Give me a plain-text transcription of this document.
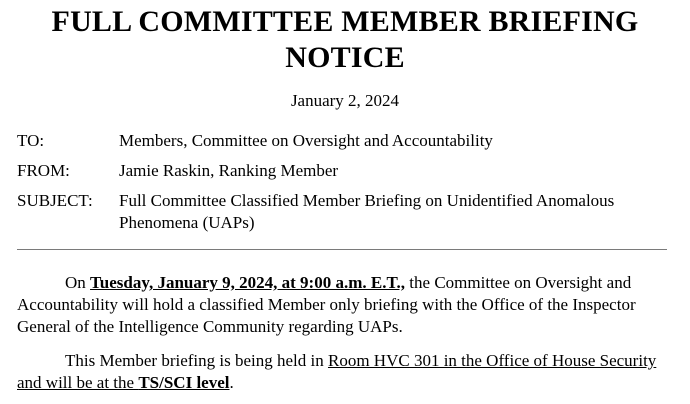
FULL COMMITTEE MEMBER BRIEFING
NOTICE
January 2, 2024
TO:	Members, Committee on Oversight and Accountability
FROM:	Jamie Raskin, Ranking Member
SUBJECT: Full Committee Classified Member Briefing on Unidentified Anomalous
Phenomena (UAPs)
On Tuesday, January 9, 2024, at 9:00 a.m. E.T., the Committee on Oversight and Accountability will hold a classified Member only briefing with the Office of the Inspector General of the Intelligence Community regarding UAPs.
This Member briefing is being held in Room HVC 301 in the Office of House Security and will be at the TS/SCI level.
